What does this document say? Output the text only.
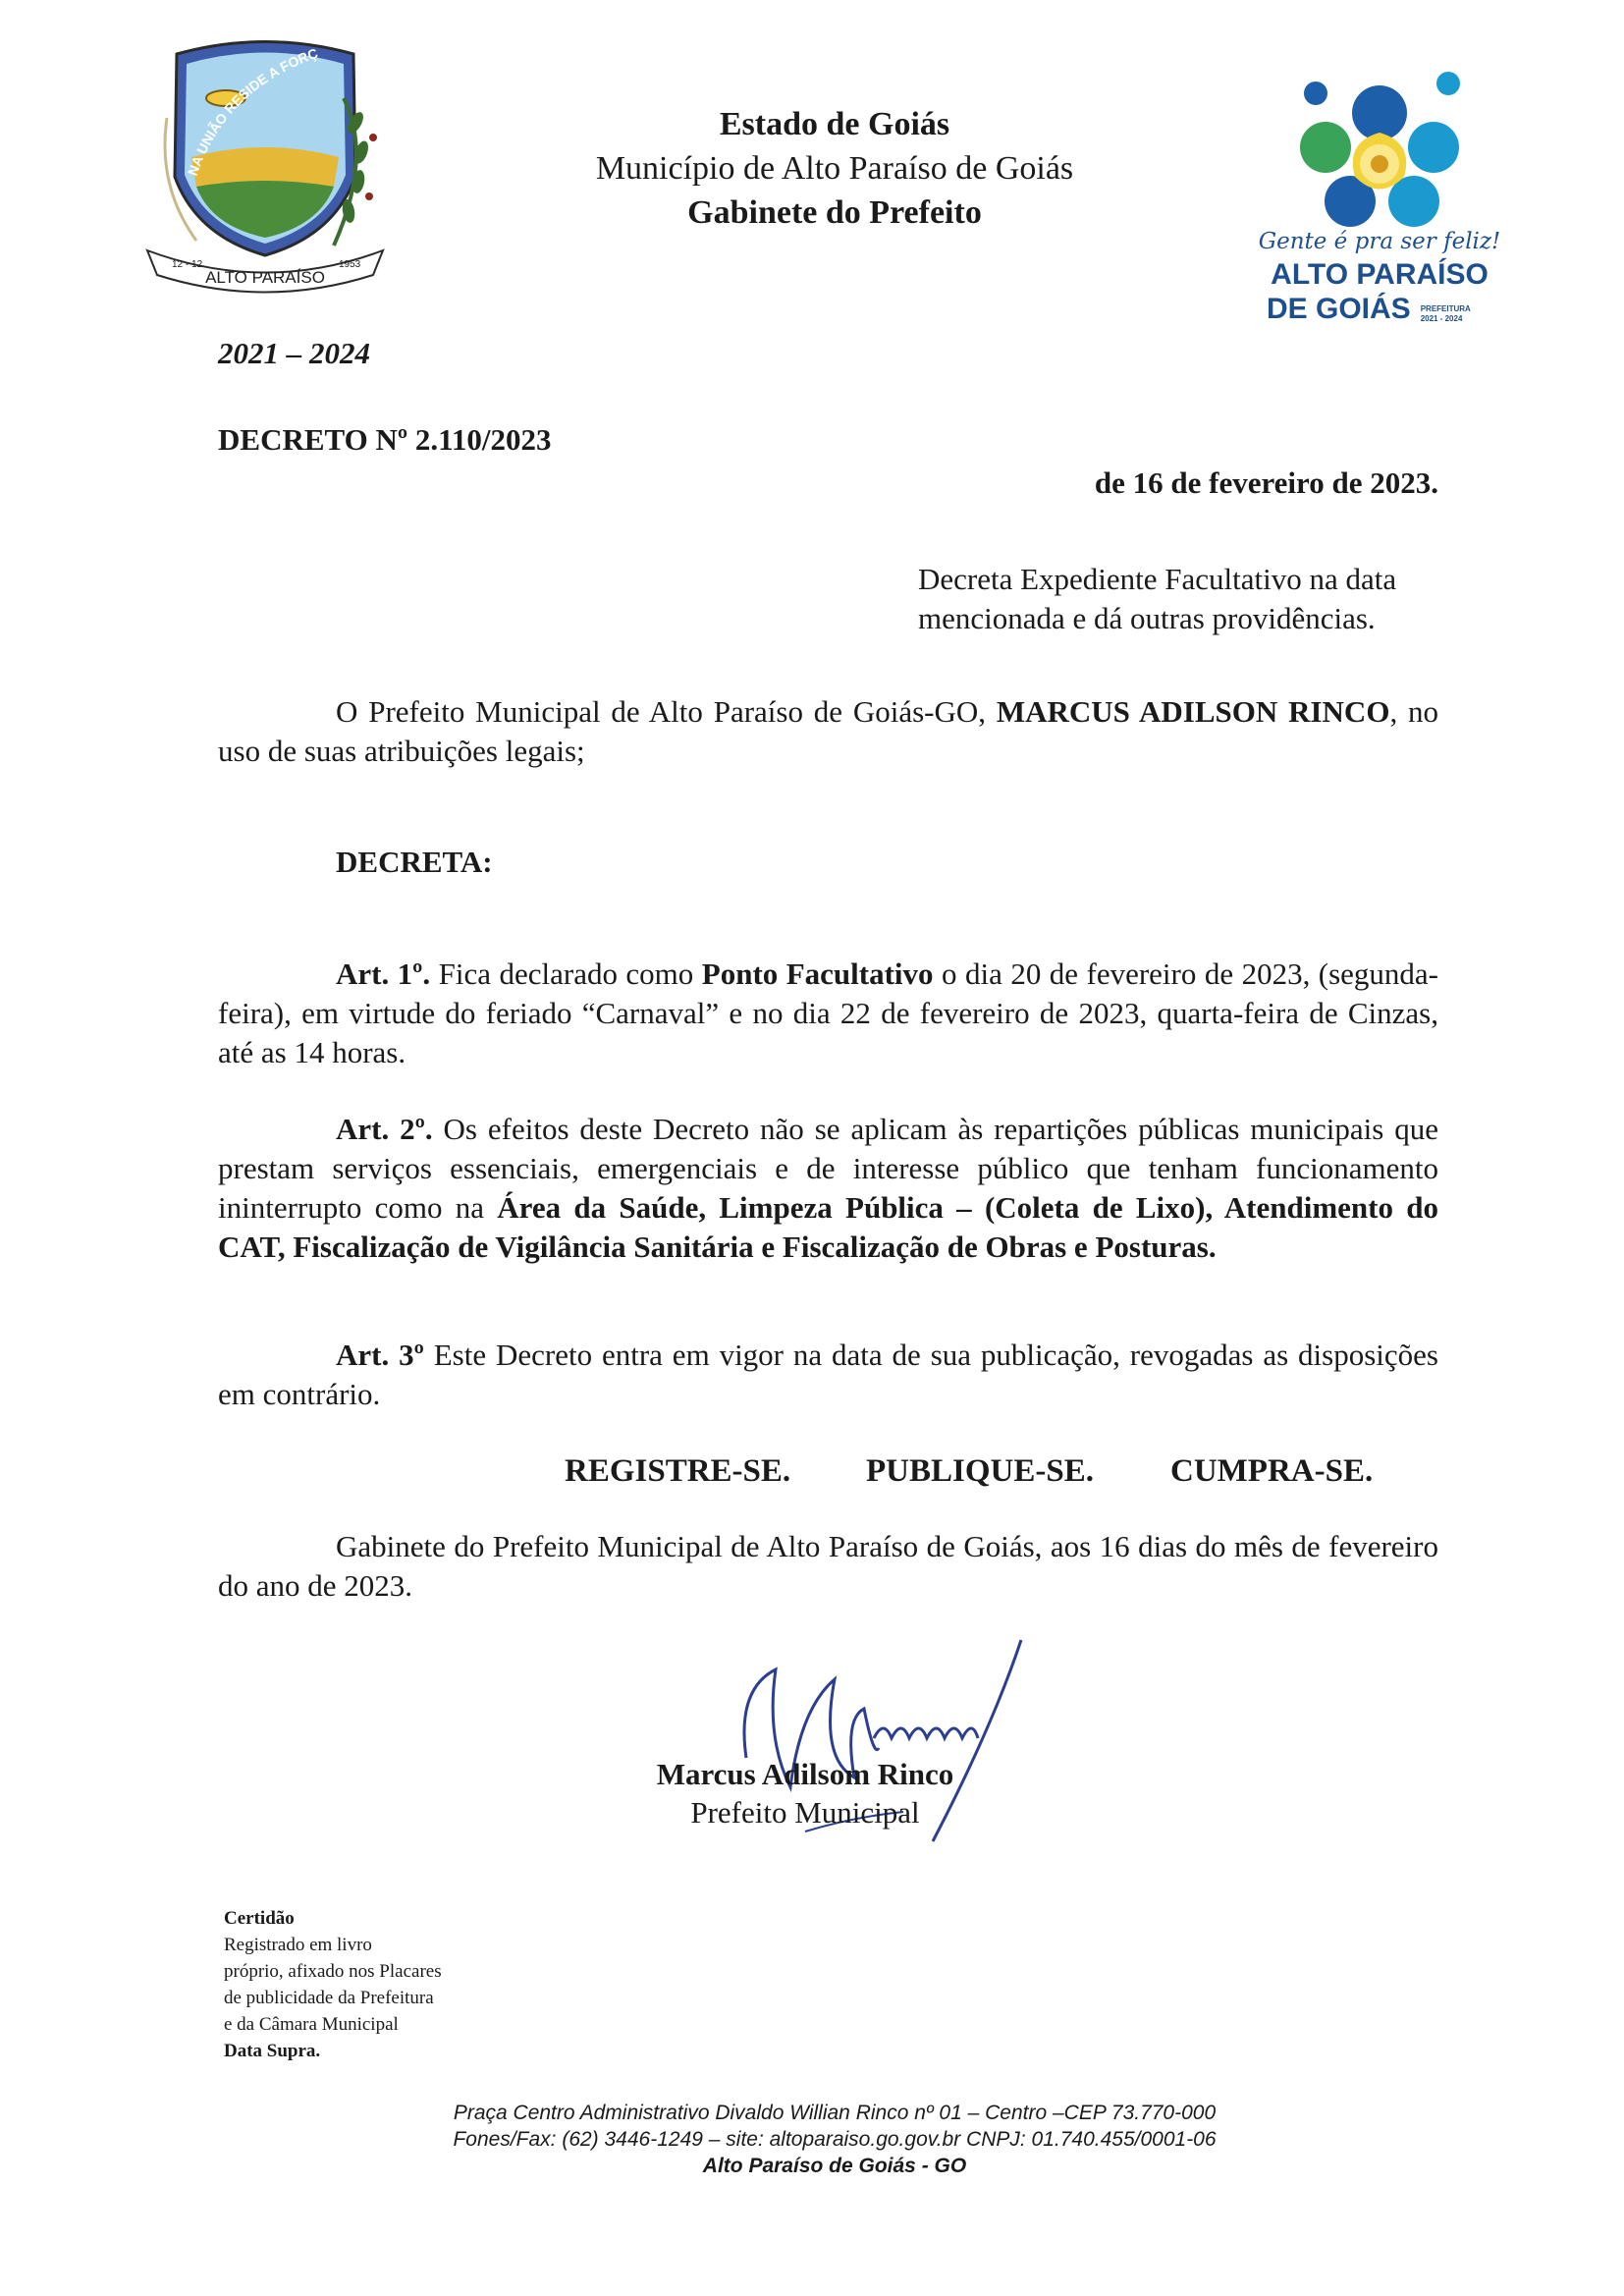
ALTO PARAÍSO
12 - 12	1953
NA UNIÃO RESIDE A FORÇ
Estado de Goiás
Município de Alto Paraíso de Goiás
Gabinete do Prefeito
Gente é pra ser feliz!
ALTO PARAÍSO
DE GOIÁS PREFEITURA
2021 - 2024
2021 – 2024
DECRETO Nº 2.110/2023
de 16 de fevereiro de 2023.
Decreta Expediente Facultativo na data mencionada e dá outras providências.
O Prefeito Municipal de Alto Paraíso de Goiás-GO, MARCUS ADILSON RINCO, no uso de suas atribuições legais;
DECRETA:
Art. 1º. Fica declarado como Ponto Facultativo o dia 20 de fevereiro de 2023, (segunda-feira), em virtude do feriado “Carnaval” e no dia 22 de fevereiro de 2023, quarta-feira de Cinzas, até as 14 horas.
Art. 2º. Os efeitos deste Decreto não se aplicam às repartições públicas municipais que prestam serviços essenciais, emergenciais e de interesse público que tenham funcionamento ininterrupto como na Área da Saúde, Limpeza Pública – (Coleta de Lixo), Atendimento do CAT, Fiscalização de Vigilância Sanitária e Fiscalização de Obras e Posturas.
Art. 3º Este Decreto entra em vigor na data de sua publicação, revogadas as disposições em contrário.
REGISTRE-SE. PUBLIQUE-SE. CUMPRA-SE.
Gabinete do Prefeito Municipal de Alto Paraíso de Goiás, aos 16 dias do mês de fevereiro do ano de 2023.
Marcus Adilsom Rinco
Prefeito Municipal
Certidão
Registrado em livro
próprio, afixado nos Placares
de publicidade da Prefeitura
e da Câmara Municipal
Data Supra.
Praça Centro Administrativo Divaldo Willian Rinco nº 01 – Centro –CEP 73.770-000
Fones/Fax: (62) 3446-1249 – site: altoparaiso.go.gov.br CNPJ: 01.740.455/0001-06
Alto Paraíso de Goiás - GO
